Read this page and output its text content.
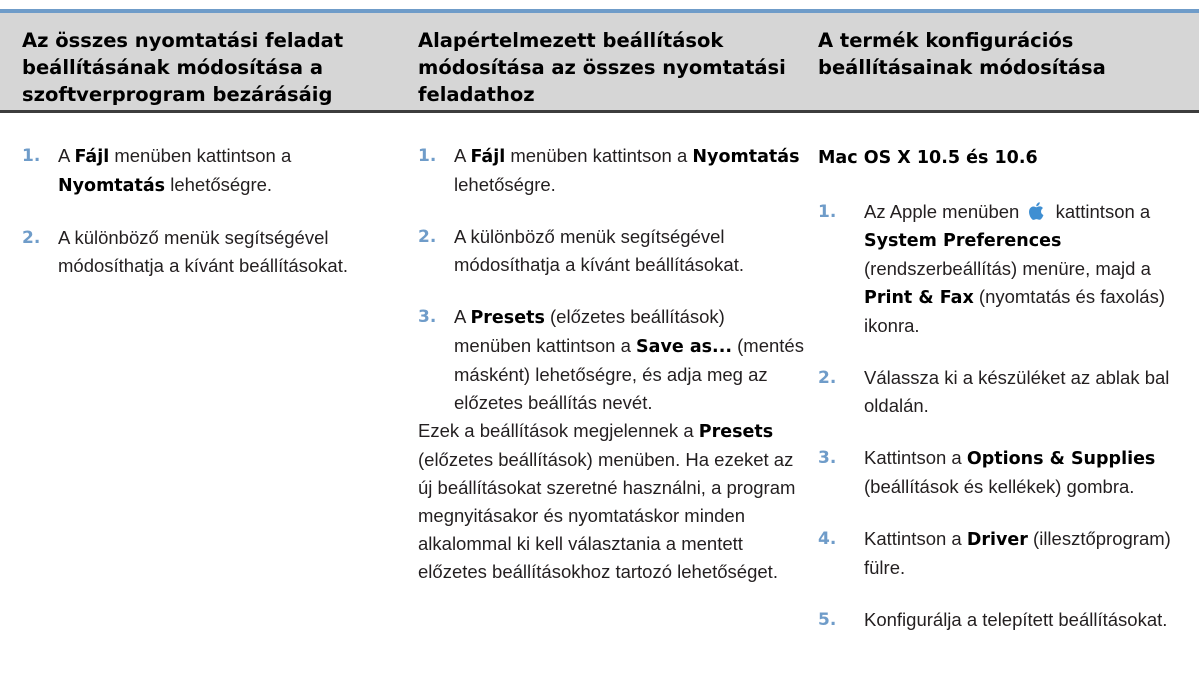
Az összes nyomtatási feladat beállításának módosítása a szoftverprogram bezárásáig
Alapértelmezett beállítások módosítása az összes nyomtatási feladathoz
A termék konfigurációs beállításainak módosítása

1. A Fájl menüben kattintson a Nyomtatás lehetőségre.

2. A különböző menük segítségével módosíthatja a kívánt beállításokat.

1. A Fájl menüben kattintson a Nyomtatás lehetőségre.

2. A különböző menük segítségével módosíthatja a kívánt beállításokat.

3. A Presets (előzetes beállítások) menüben kattintson a Save as... (mentés másként) lehetőségre, és adja meg az előzetes beállítás nevét.

Ezek a beállítások megjelennek a Presets (előzetes beállítások) menüben. Ha ezeket az új beállításokat szeretné használni, a program megnyitásakor és nyomtatáskor minden alkalommal ki kell választania a mentett előzetes beállításokhoz tartozó lehetőséget.

Mac OS X 10.5 és 10.6

1. Az Apple menüben  kattintson a System Preferences (rendszerbeállítás) menüre, majd a Print & Fax (nyomtatás és faxolás) ikonra.

2. Válassza ki a készüléket az ablak bal oldalán.

3. Kattintson a Options & Supplies (beállítások és kellékek) gombra.

4. Kattintson a Driver (illesztőprogram) fülre.

5. Konfigurálja a telepített beállításokat.
